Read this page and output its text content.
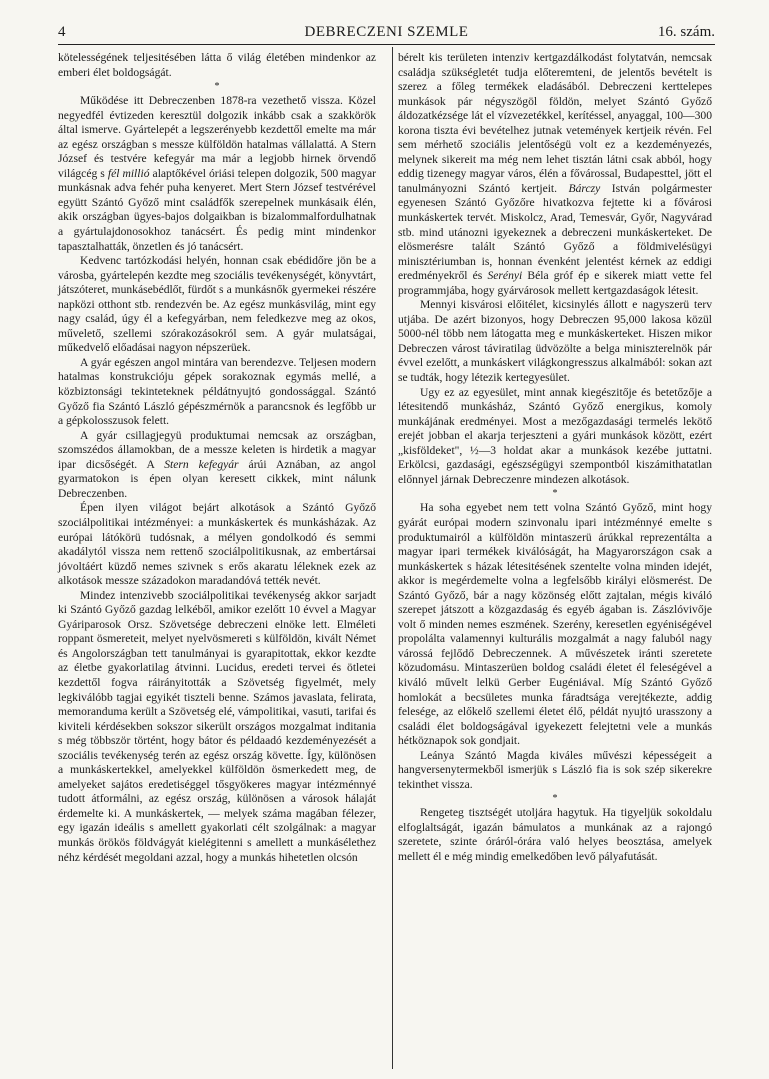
4	DEBRECZENI SZEMLE	16. szám.

kötelességének teljesitésében látta ő világ életében mindenkor az emberi élet boldogságát.

*

Működése itt Debreczenben 1878-ra vezethető vissza. Közel negyedfél évtizeden keresztül dolgozik inkább csak a szakkörök által ismerve. Gyártelepét a legszerényebb kezdettől emelte ma már az egész országban s messze külföldön hatalmas vállalattá. A Stern József és testvére kefegyár ma már a legjobb hirnek örvendő világcég s fél millió alaptőkével óriási telepen dolgozik, 500 magyar munkásnak adva fehér puha kenyeret. Mert Stern József testvérével együtt Szántó Győző mint családfők szerepelnek munkásaik élén, akik országban ügyes-bajos dolgaikban is bizalommalfordulhatnak a gyártulajdonosokhoz tanácsért. És pedig mint mindenkor tapasztalhatták, önzetlen és jó tanácsért.

Kedvenc tartózkodási helyén, honnan csak ebédidőre jön be a városba, gyártelepén kezdte meg szociális tevékenységét, könyvtárt, játszóteret, munkásebédlőt, fürdőt s a munkásnők gyermekei részére napközi otthont stb. rendezvén be. Az egész munkásvilág, mint egy nagy család, úgy él a kefegyárban, nem feledkezve meg az okos, művelető, szellemi szórakozásokról sem. A gyár mulatságai, műkedvelő előadásai nagyon népszerüek.

A gyár egészen angol mintára van berendezve. Teljesen modern hatalmas konstrukcióju gépek sorakoznak egymás mellé, a közbiztonsági tekinteteknek példátnyujtó gondossággal. Szántó Győző fia Szántó László gépészmérnök a parancsnok és legfőbb ur a gépkolosszusok felett.

A gyár csillagjegyü produktumai nemcsak az országban, szomszédos államokban, de a messze keleten is hirdetik a magyar ipar dicsőségét. A Stern kefegyár árúi Aznában, az angol gyarmatokon is épen olyan keresett cikkek, mint nálunk Debreczenben.

Épen ilyen világot bejárt alkotások a Szántó Győző szociálpolitikai intézményei: a munkáskertek és munkásházak. Az európai látókörü tudósnak, a mélyen gondolkodó és semmi akadálytól vissza nem rettenő szociálpolitikusnak, az embertársai jóvoltáért küzdő nemes szivnek s erős akaratu léleknek ezek az alkotások messze századokon maradandóvá tették nevét.

Mindez intenzivebb szociálpolitikai tevékenység akkor sarjadt ki Szántó Győző gazdag lelkéből, amikor ezelőtt 10 évvel a Magyar Gyáriparosok Orsz. Szövetsége debreczeni elnöke lett. Elméleti roppant ösmereteit, melyet nyelvösmereti s külföldön, kivált Német és Angolországban tett tanulmányai is gyarapitottak, ekkor kezdte az életbe gyakorlatilag átvinni. Lucidus, eredeti tervei és ötletei kezdettől fogva ráirányitották a Szövetség figyelmét, mely legkiválóbb tagjai egyikét tiszteli benne. Számos javaslata, felirata, memorandumа került a Szövetség elé, vámpolitikai, vasuti, tarifai és kiviteli kérdésekben sokszor sikerült országos mozgalmat inditania s még többször történt, hogy bátor és példaadó kezdeményezését a szociális tevékenység terén az egész ország követte. Így, különösen a munkáskertekkel, amelyekkel külföldön ösmerkedett meg, de amelyeket sajátos eredetiséggel tősgyökeres magyar intézménnyé tudott átformálni, az egész ország, különösen a városok hálaját érdemelte ki. A munkáskertek, — melyek száma magában félezer, egy igazán ideális s amellett gyakorlati célt szolgálnak: a magyar munkás örökös földvágyát kielégitenni s amellett a munkásélethez néhz kérdését megoldani azzal, hogy a munkás hihetetlen olcsón

bérelt kis területen intenziv kertgazdálkodást folytatván, nemcsak családja szükségletét tudja előteremteni, de jelentős bevételt is szerez a főleg termékek eladásából. Debreczeni kerttelepes munkások pár négyszögöl földön, melyet Szántó Győző áldozatkézsége lát el vízvezetékkel, kerítéssel, anyaggal, 100—300 korona tiszta évi bevételhez jutnak vetemények kertjeik révén. Fel sem mérhető szociális jelentőségü volt ez a kezdeményezés, melynek sikereit ma még nem lehet tisztán látni csak abból, hogy eddig tizenegy magyar város, élén a fővárossal, Budapesttel, jött el tanulmányozni Szántó kertjeit. Bárczy István polgármester egyenesen Szántó Győzőre hivatkozva fejtette ki a fővárosi munkáskertek tervét. Miskolcz, Arad, Temesvár, Győr, Nagyvárad stb. mind utánozni igyekeznek a debreczeni munkáskerteket. De elösmerésre talált Szántó Győző a földmivelésügyi minisztériumban is, honnan évenként jelentést kérnek az eddigi eredményekről és Serényi Béla gróf ép e sikerek miatt vette fel programmjába, hogy gyárvárosok mellett kertgazdaságok létesit.

Mennyi kisvárosi előitélet, kicsinylés állott e nagyszerü terv utjába. De azért bizonyos, hogy Debreczen 95,000 lakosa közül 5000-nél több nem látogatta meg e munkáskerteket. Hiszen mikor Debreczen várost táviratilag üdvözölte a belga miniszterelnök pár évvel ezelőtt, a munkáskert világkongresszus alkalmából: sokan azt se tudták, hogy létezik kertegyesület.

Ugy ez az egyesület, mint annak kiegészitője és betetőzője a létesitendő munkásház, Szántó Győző energikus, komoly munkájának eredményei. Most a mezőgazdasági termelés lekötő erejét jobban el akarja terjeszteni a gyári munkások között, ezért „kisföldeket", ½—3 holdat akar a munkások kezébe juttatni. Erkölcsi, gazdasági, egészségügyi szempontból kiszámithatatlan előnnyel járnak Debreczenre mindezen alkotások.

*

Ha soha egyebet nem tett volna Szántó Győző, mint hogy gyárát európai modern szinvonalu ipari intézménnyé emelte s produktumairól a külföldön mintaszerü árúkkal reprezentálta a magyar ipari termékek kiválóságát, ha Magyarországon csak a munkáskertek s házak létesitésének szentelte volna minden idejét, akkor is megérdemelte volna a legfelsőbb királyi elösmerést. De Szántó Győző, bár a nagy közönség előtt zajtalan, mégis kiváló szerepet játszott a közgazdaság és egyéb ágaban is. Zászlóvivője volt ő minden nemes eszmének. Szerény, keresetlen egyéniségével propolálta valamennyi kulturális mozgalmát a nagy faluból nagy várossá fejlődő Debreczennek. A művészetek iránti szeretete közudomásu. Mintaszerüen boldog családi életet él feleségével a kiváló művelt lelkü Gerber Eugéniával. Míg Szántó Győző homlokát a becsületes munka fáradtsága verejtékezte, addig felesége, az előkelő szellemi életet élő, példát nyujtó urasszony a családi élet boldogságával igyekezett felejtetni vele a munkás hétköznapok sok gondjait.

Leánya Szántó Magda kiváles művészi képességeit a hangversenytermekből ismerjük s László fia is sok szép sikerekre tekinthet vissza.

*

Rengeteg tisztségét utoljára hagytuk. Ha tigyeljük sokoldalu elfoglaltságát, igazán bámulatos a munkának az a rajongó szeretete, szinte óráról-órára való helyes beosztása, amelyek mellett él e még mindig emelkedőben levő pályafutását.
